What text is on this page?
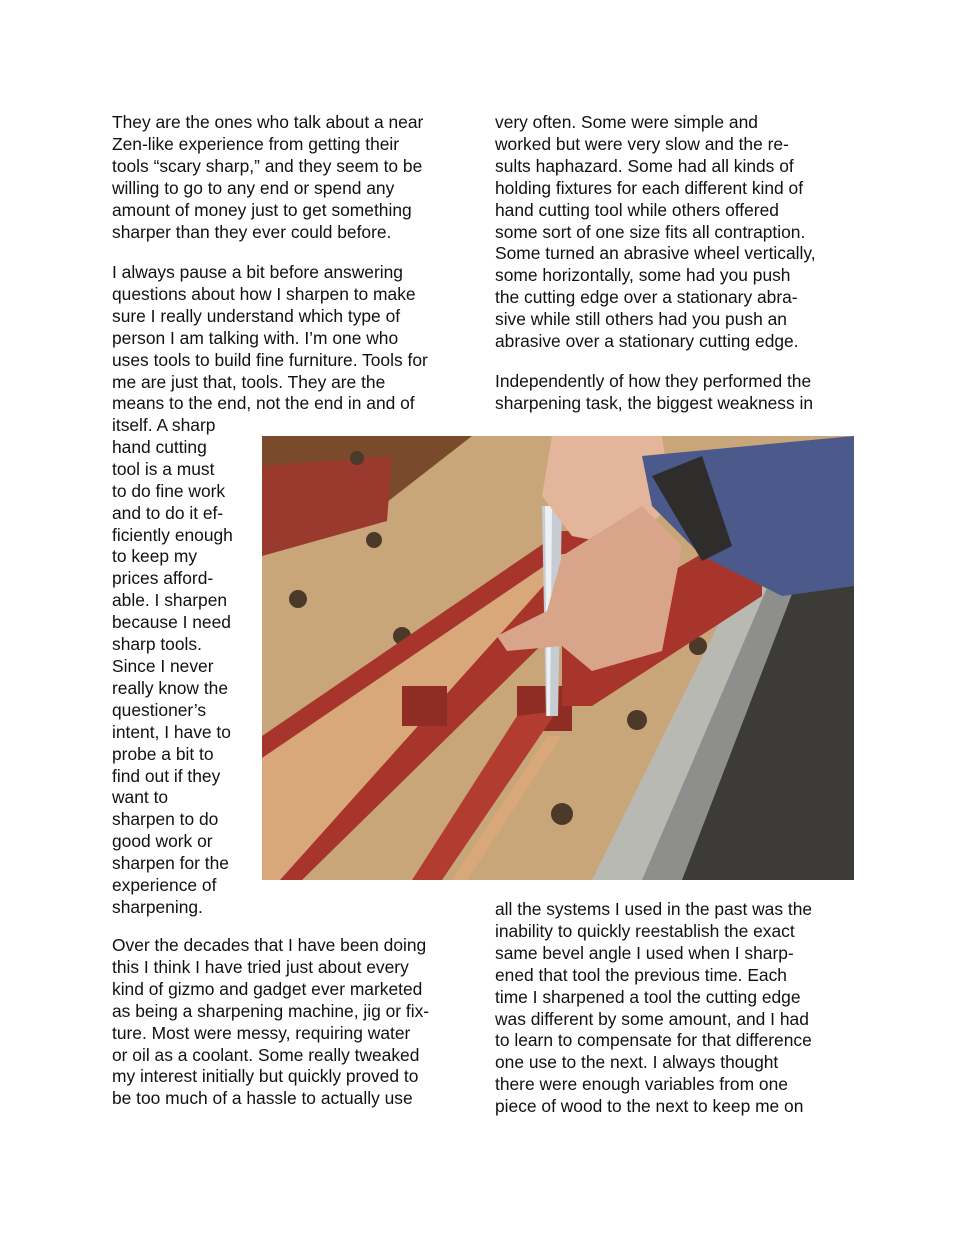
They are the ones who talk about a near
Zen-like experience from getting their
tools “scary sharp,” and they seem to be
willing to go to any end or spend any
amount of money just to get something
sharper than they ever could before.
I always pause a bit before answering
questions about how I sharpen to make
sure I really understand which type of
person I am talking with. I’m one who
uses tools to build fine furniture. Tools for
me are just that, tools. They are the
means to the end, not the end in and of
itself. A sharp
hand cutting
tool is a must
to do fine work
and to do it ef-
ficiently enough
to keep my
prices afford-
able. I sharpen
because I need
sharp tools.
Since I never
really know the
questioner’s
intent, I have to
probe a bit to
find out if they
want to
sharpen to do
good work or
sharpen for the
experience of
sharpening.
Over the decades that I have been doing
this I think I have tried just about every
kind of gizmo and gadget ever marketed
as being a sharpening machine, jig or fix-
ture. Most were messy, requiring water
or oil as a coolant. Some really tweaked
my interest initially but quickly proved to
be too much of a hassle to actually use
very often. Some were simple and
worked but were very slow and the re-
sults haphazard. Some had all kinds of
holding fixtures for each different kind of
hand cutting tool while others offered
some sort of one size fits all contraption.
Some turned an abrasive wheel vertically,
some horizontally, some had you push
the cutting edge over a stationary abra-
sive while still others had you push an
abrasive over a stationary cutting edge.
Independently of how they performed the
sharpening task, the biggest weakness in
all the systems I used in the past was the
inability to quickly reestablish the exact
same bevel angle I used when I sharp-
ened that tool the previous time. Each
time I sharpened a tool the cutting edge
was different by some amount, and I had
to learn to compensate for that difference
one use to the next. I always thought
there were enough variables from one
piece of wood to the next to keep me on
